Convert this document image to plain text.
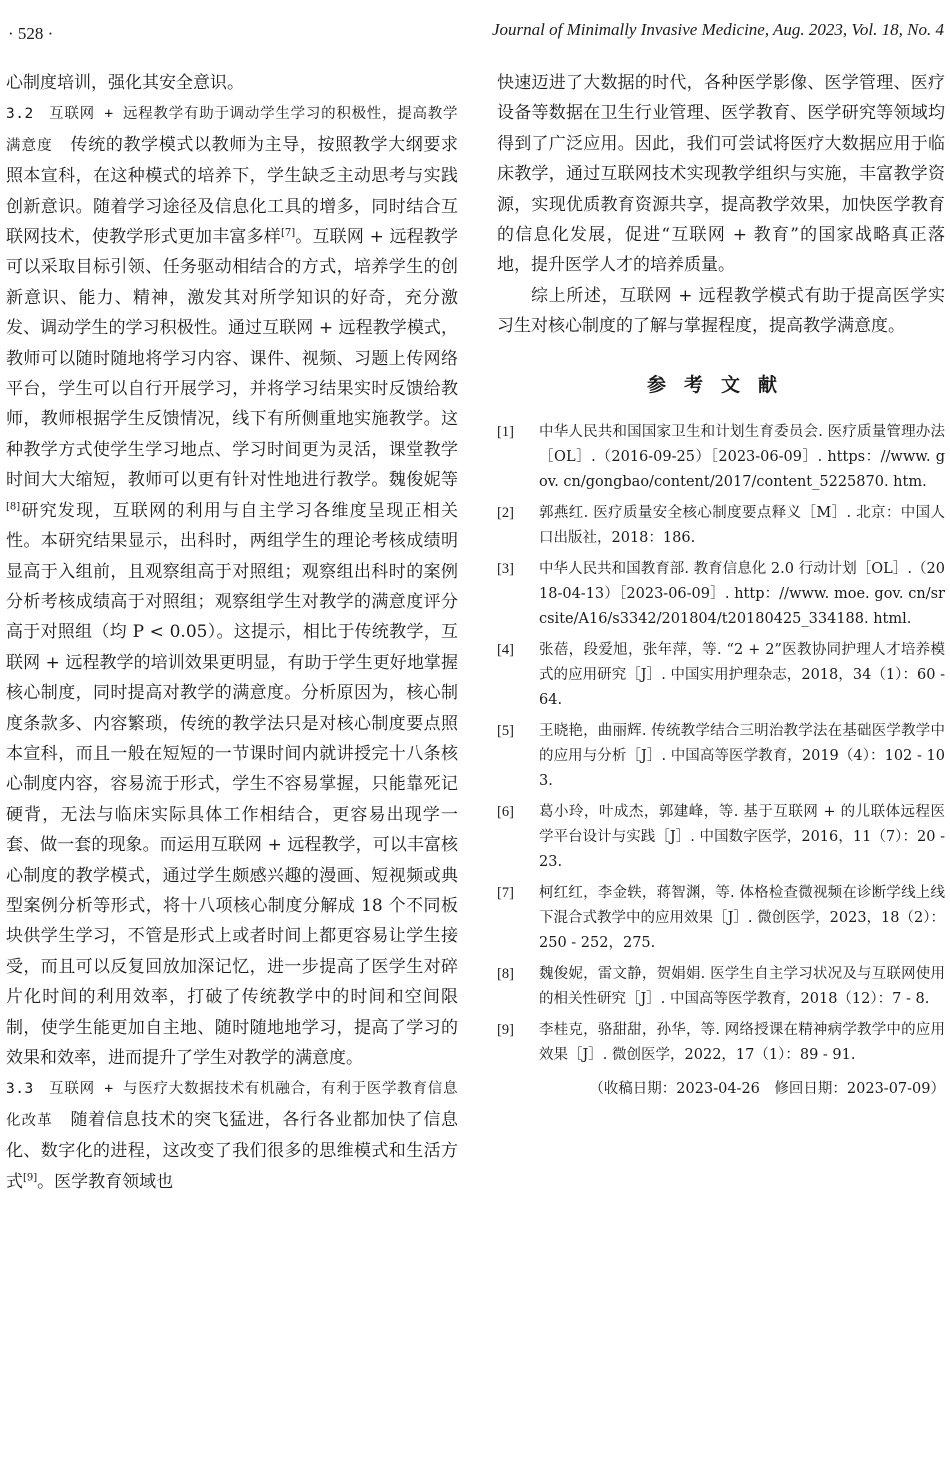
· 528 ·	Journal of Minimally Invasive Medicine, Aug. 2023, Vol. 18, No. 4

心制度培训，强化其安全意识。

3.2　互联网 + 远程教学有助于调动学生学习的积极性，提高教学满意度　传统的教学模式以教师为主导，按照教学大纲要求照本宣科，在这种模式的培养下，学生缺乏主动思考与实践创新意识。随着学习途径及信息化工具的增多，同时结合互联网技术，使教学形式更加丰富多样[7]。互联网 + 远程教学可以采取目标引领、任务驱动相结合的方式，培养学生的创新意识、能力、精神，激发其对所学知识的好奇，充分激发、调动学生的学习积极性。通过互联网 + 远程教学模式，教师可以随时随地将学习内容、课件、视频、习题上传网络平台，学生可以自行开展学习，并将学习结果实时反馈给教师，教师根据学生反馈情况，线下有所侧重地实施教学。这种教学方式使学生学习地点、学习时间更为灵活，课堂教学时间大大缩短，教师可以更有针对性地进行教学。魏俊妮等[8]研究发现，互联网的利用与自主学习各维度呈现正相关性。本研究结果显示，出科时，两组学生的理论考核成绩明显高于入组前，且观察组高于对照组；观察组出科时的案例分析考核成绩高于对照组；观察组学生对教学的满意度评分高于对照组（均 P < 0.05）。这提示，相比于传统教学，互联网 + 远程教学的培训效果更明显，有助于学生更好地掌握核心制度，同时提高对教学的满意度。分析原因为，核心制度条款多、内容繁琐，传统的教学法只是对核心制度要点照本宣科，而且一般在短短的一节课时间内就讲授完十八条核心制度内容，容易流于形式，学生不容易掌握，只能靠死记硬背，无法与临床实际具体工作相结合，更容易出现学一套、做一套的现象。而运用互联网 + 远程教学，可以丰富核心制度的教学模式，通过学生颇感兴趣的漫画、短视频或典型案例分析等形式，将十八项核心制度分解成 18 个不同板块供学生学习，不管是形式上或者时间上都更容易让学生接受，而且可以反复回放加深记忆，进一步提高了医学生对碎片化时间的利用效率，打破了传统教学中的时间和空间限制，使学生能更加自主地、随时随地地学习，提高了学习的效果和效率，进而提升了学生对教学的满意度。

3.3　互联网 + 与医疗大数据技术有机融合，有利于医学教育信息化改革　随着信息技术的突飞猛进，各行各业都加快了信息化、数字化的进程，这改变了我们很多的思维模式和生活方式[9]。医学教育领域也

快速迈进了大数据的时代，各种医学影像、医学管理、医疗设备等数据在卫生行业管理、医学教育、医学研究等领域均得到了广泛应用。因此，我们可尝试将医疗大数据应用于临床教学，通过互联网技术实现教学组织与实施，丰富教学资源，实现优质教育资源共享，提高教学效果，加快医学教育的信息化发展，促进“互联网 + 教育”的国家战略真正落地，提升医学人才的培养质量。

综上所述，互联网 + 远程教学模式有助于提高医学实习生对核心制度的了解与掌握程度，提高教学满意度。

参考文献
[1]	中华人民共和国国家卫生和计划生育委员会. 医疗质量管理办法［OL］.（2016-09-25）［2023-06-09］. https：//www. gov. cn/gongbao/content/2017/content_5225870. htm.
[2]	郭燕红. 医疗质量安全核心制度要点释义［M］. 北京：中国人口出版社，2018：186.
[3]	中华人民共和国教育部. 教育信息化 2.0 行动计划［OL］.（2018-04-13）［2023-06-09］. http：//www. moe. gov. cn/srcsite/A16/s3342/201804/t20180425_334188. html.
[4]	张蓓，段爱旭，张年萍，等. “2 + 2”医教协同护理人才培养模式的应用研究［J］. 中国实用护理杂志，2018，34（1）：60 - 64.
[5]	王晓艳，曲丽辉. 传统教学结合三明治教学法在基础医学教学中的应用与分析［J］. 中国高等医学教育，2019（4）：102 - 103.
[6]	葛小玲，叶成杰，郭建峰，等. 基于互联网 + 的儿联体远程医学平台设计与实践［J］. 中国数字医学，2016，11（7）：20 - 23.
[7]	柯红红，李金轶，蒋智渊，等. 体格检查微视频在诊断学线上线下混合式教学中的应用效果［J］. 微创医学，2023，18（2）：250 - 252，275.
[8]	魏俊妮，雷文静，贺娟娟. 医学生自主学习状况及与互联网使用的相关性研究［J］. 中国高等医学教育，2018（12）：7 - 8.
[9]	李桂克，骆甜甜，孙华，等. 网络授课在精神病学教学中的应用效果［J］. 微创医学，2022，17（1）：89 - 91.
（收稿日期：2023-04-26　修回日期：2023-07-09）
